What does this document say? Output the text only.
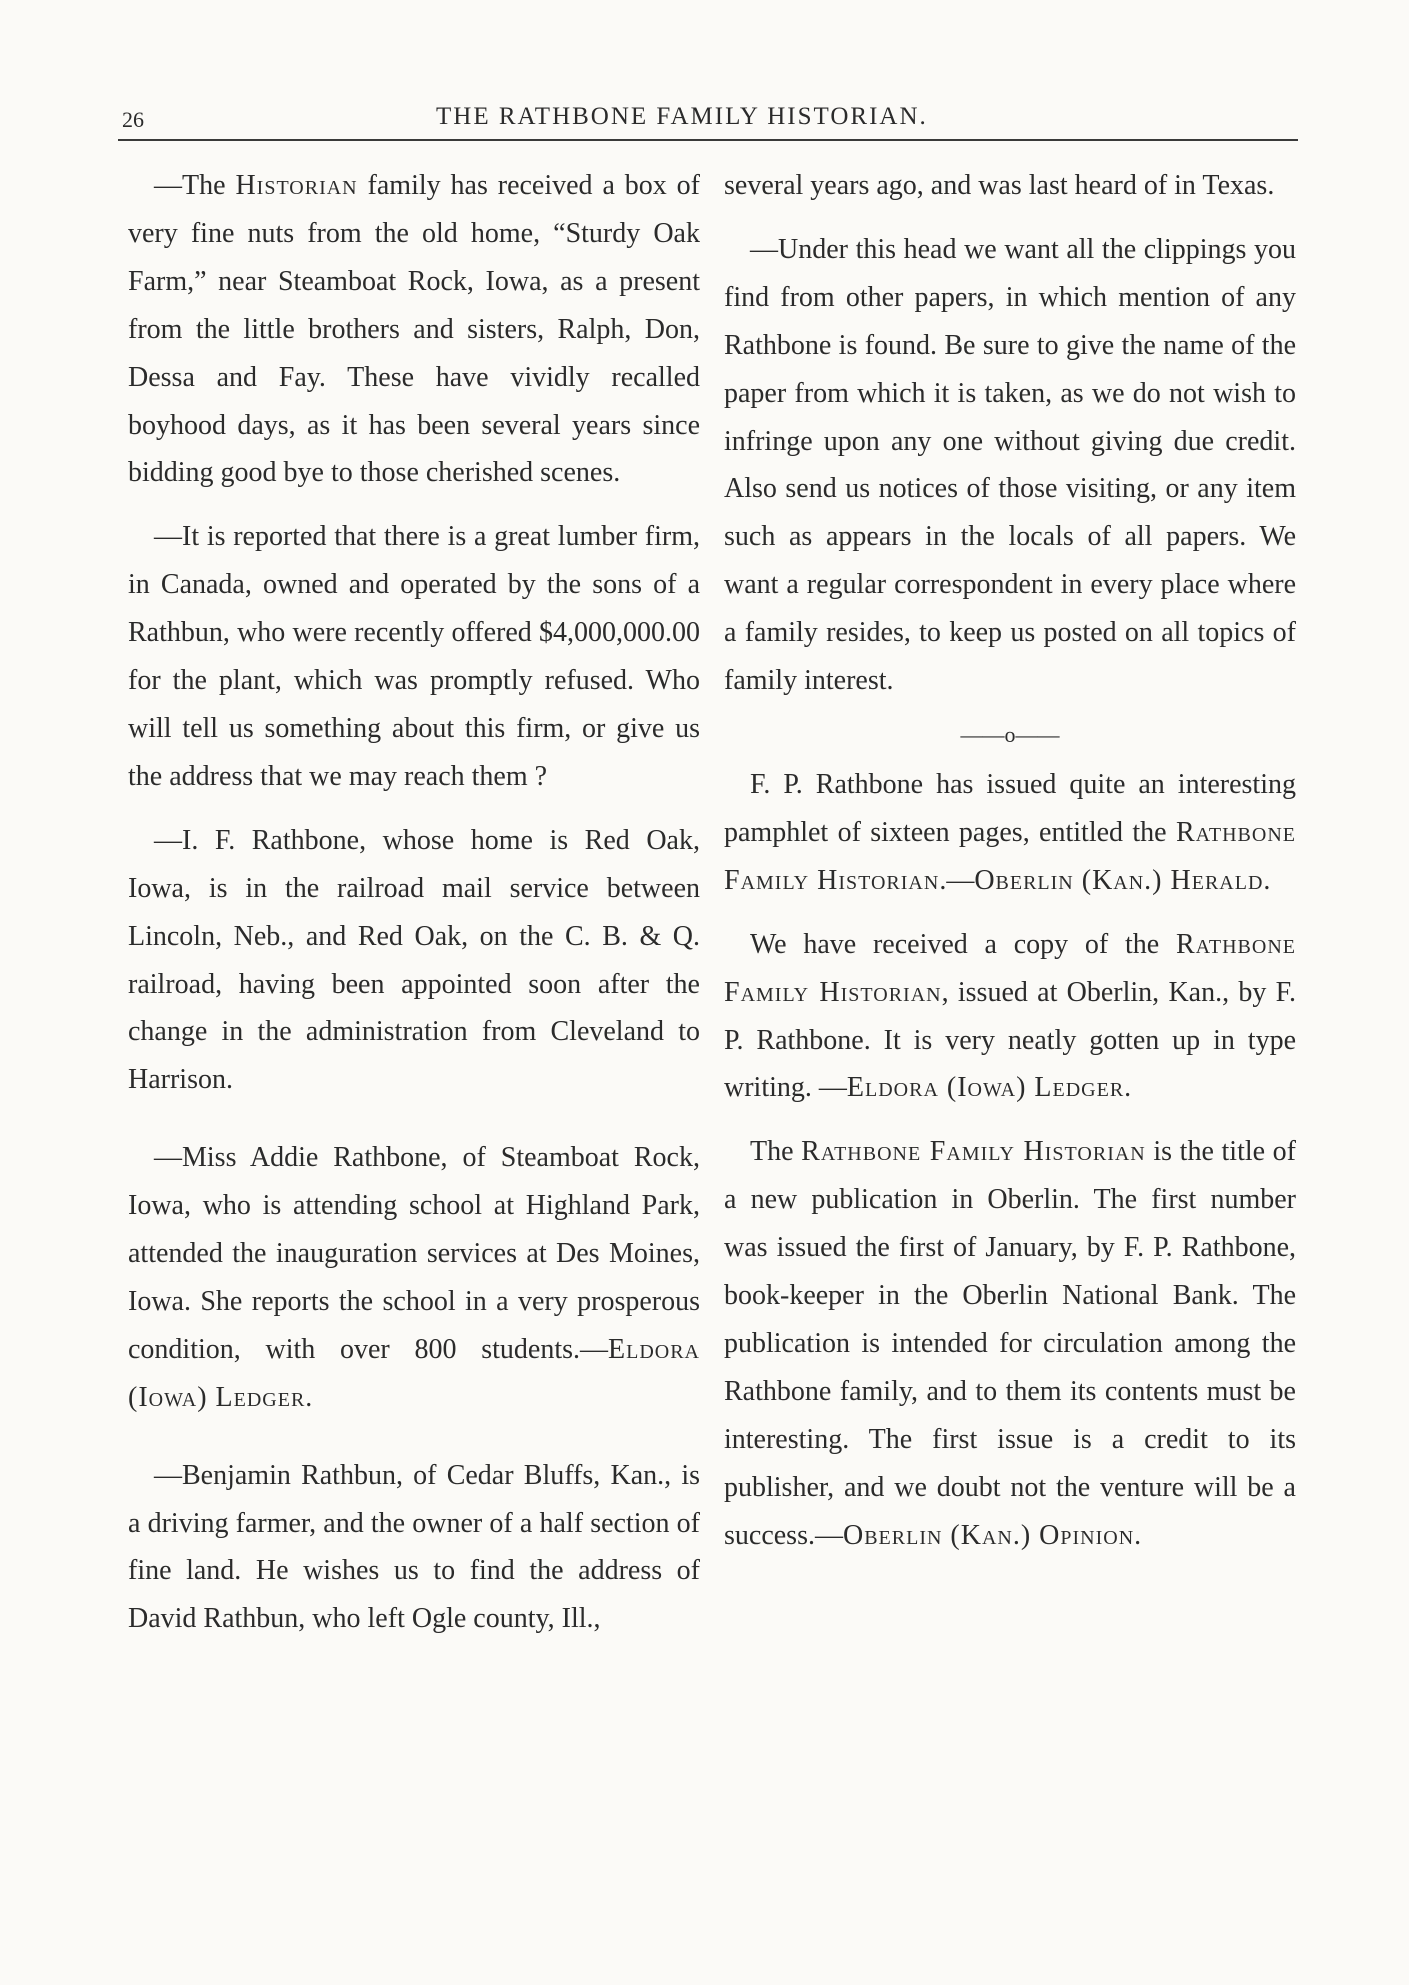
26	THE RATHBONE FAMILY HISTORIAN.

—The Historian family has received a box of very fine nuts from the old home, “Sturdy Oak Farm,” near Steamboat Rock, Iowa, as a present from the little brothers and sisters, Ralph, Don, Dessa and Fay. These have vividly recalled boyhood days, as it has been several years since bidding good bye to those cherished scenes.

—It is reported that there is a great lumber firm, in Canada, owned and operated by the sons of a Rathbun, who were recently offered $4,000,000.00 for the plant, which was promptly refused. Who will tell us something about this firm, or give us the address that we may reach them ?

—I. F. Rathbone, whose home is Red Oak, Iowa, is in the railroad mail service between Lincoln, Neb., and Red Oak, on the C. B. & Q. railroad, having been appointed soon after the change in the administration from Cleveland to Harrison.

—Miss Addie Rathbone, of Steamboat Rock, Iowa, who is attending school at Highland Park, attended the inauguration services at Des Moines, Iowa. She reports the school in a very prosperous condition, with over 800 students.—Eldora (Iowa) Ledger.

—Benjamin Rathbun, of Cedar Bluffs, Kan., is a driving farmer, and the owner of a half section of fine land. He wishes us to find the address of David Rathbun, who left Ogle county, Ill.,

several years ago, and was last heard of in Texas.

—Under this head we want all the clippings you find from other papers, in which mention of any Rathbone is found. Be sure to give the name of the paper from which it is taken, as we do not wish to infringe upon any one without giving due credit. Also send us notices of those visiting, or any item such as appears in the locals of all papers. We want a regular correspondent in every place where a family resides, to keep us posted on all topics of family interest.

——o——

F. P. Rathbone has issued quite an interesting pamphlet of sixteen pages, entitled the Rathbone Family Historian.—Oberlin (Kan.) Herald.

We have received a copy of the Rathbone Family Historian, issued at Oberlin, Kan., by F. P. Rathbone. It is very neatly gotten up in type writing. —Eldora (Iowa) Ledger.

The Rathbone Family Historian is the title of a new publication in Oberlin. The first number was issued the first of January, by F. P. Rathbone, book-keeper in the Oberlin National Bank. The publication is intended for circulation among the Rathbone family, and to them its contents must be interesting. The first issue is a credit to its publisher, and we doubt not the venture will be a success.—Oberlin (Kan.) Opinion.
